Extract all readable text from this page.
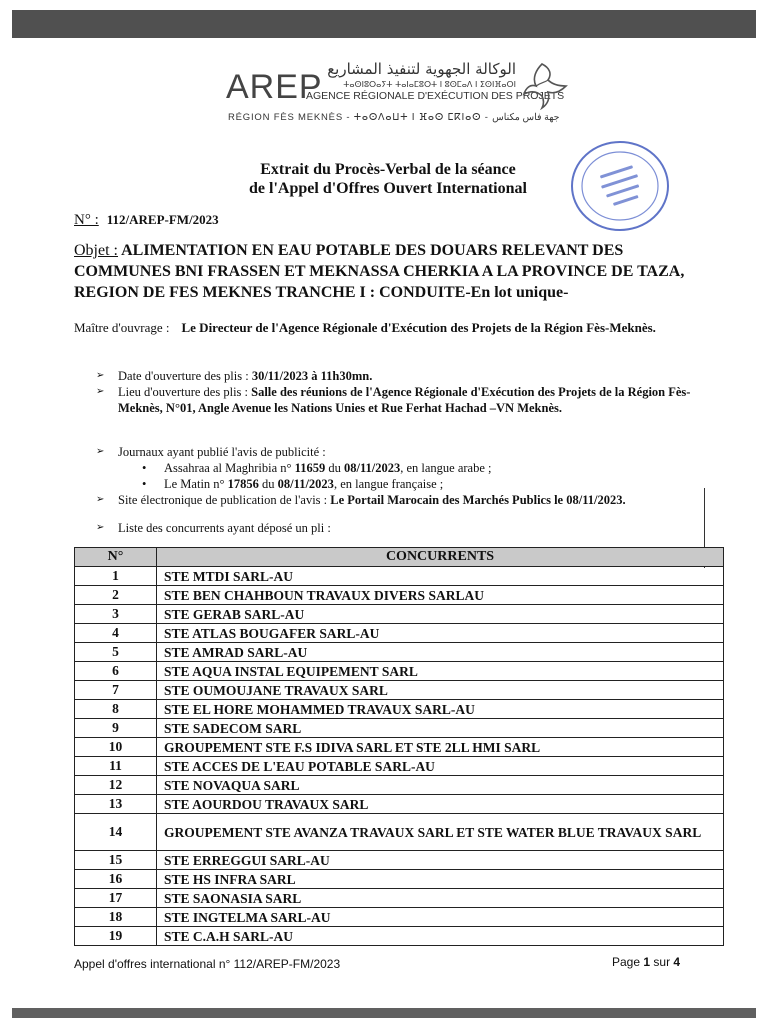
AREP الوكالة الجهوية لتنفيذ المشاريع
ⵜⴰⵙⵏⵓⵔⴰⵢⵜ ⵜⴰⵏⴰⵎⵓⵔⵜ ⵏ ⵓⵙⵎⴰⴷ ⵏ ⵉⵙⵏⴼⴰⵔⵏ
AGENCE RÉGIONALE D'EXÉCUTION DES PROJETS
RÉGION FÈS MEKNÈS - ⵜⴰⵙⴷⴰⵡⵜ ⵏ ⴼⴰⵙ ⵎⴽⵏⴰⵙ - جهة فاس مكناس
Extrait du Procès-Verbal de la séance
de l'Appel d'Offres Ouvert International
N° : 112/AREP-FM/2023
Objet : ALIMENTATION EN EAU POTABLE DES DOUARS RELEVANT DES COMMUNES BNI FRASSEN ET MEKNASSA CHERKIA A LA PROVINCE DE TAZA, REGION DE FES MEKNES TRANCHE I : CONDUITE-En lot unique-
Maître d'ouvrage : Le Directeur de l'Agence Régionale d'Exécution des Projets de la Région Fès-Meknès.
➢ Date d'ouverture des plis : 30/11/2023 à 11h30mn.
➢ Lieu d'ouverture des plis : Salle des réunions de l'Agence Régionale d'Exécution des Projets de la Région Fès-Meknès, N°01, Angle Avenue les Nations Unies et Rue Ferhat Hachad –VN Meknès.
➢ Journaux ayant publié l'avis de publicité :
• Assahraa al Maghribia n° 11659 du 08/11/2023, en langue arabe ;
• Le Matin n° 17856 du 08/11/2023, en langue française ;
➢ Site électronique de publication de l'avis : Le Portail Marocain des Marchés Publics le 08/11/2023.
➢ Liste des concurrents ayant déposé un pli :
N°	CONCURRENTS
1	STE MTDI SARL-AU
2	STE BEN CHAHBOUN TRAVAUX DIVERS SARLAU
3	STE GERAB SARL-AU
4	STE ATLAS BOUGAFER SARL-AU
5	STE AMRAD SARL-AU
6	STE AQUA INSTAL EQUIPEMENT SARL
7	STE OUMOUJANE TRAVAUX SARL
8	STE EL HORE MOHAMMED TRAVAUX SARL-AU
9	STE SADECOM SARL
10	GROUPEMENT STE F.S IDIVA SARL ET STE 2LL HMI SARL
11	STE ACCES DE L'EAU POTABLE SARL-AU
12	STE NOVAQUA SARL
13	STE AOURDOU TRAVAUX SARL
14	GROUPEMENT STE AVANZA TRAVAUX SARL ET STE WATER BLUE TRAVAUX SARL
15	STE ERREGGUI SARL-AU
16	STE HS INFRA SARL
17	STE SAONASIA SARL
18	STE INGTELMA SARL-AU
19	STE C.A.H SARL-AU
Appel d'offres international n° 112/AREP-FM/2023	Page 1 sur 4
